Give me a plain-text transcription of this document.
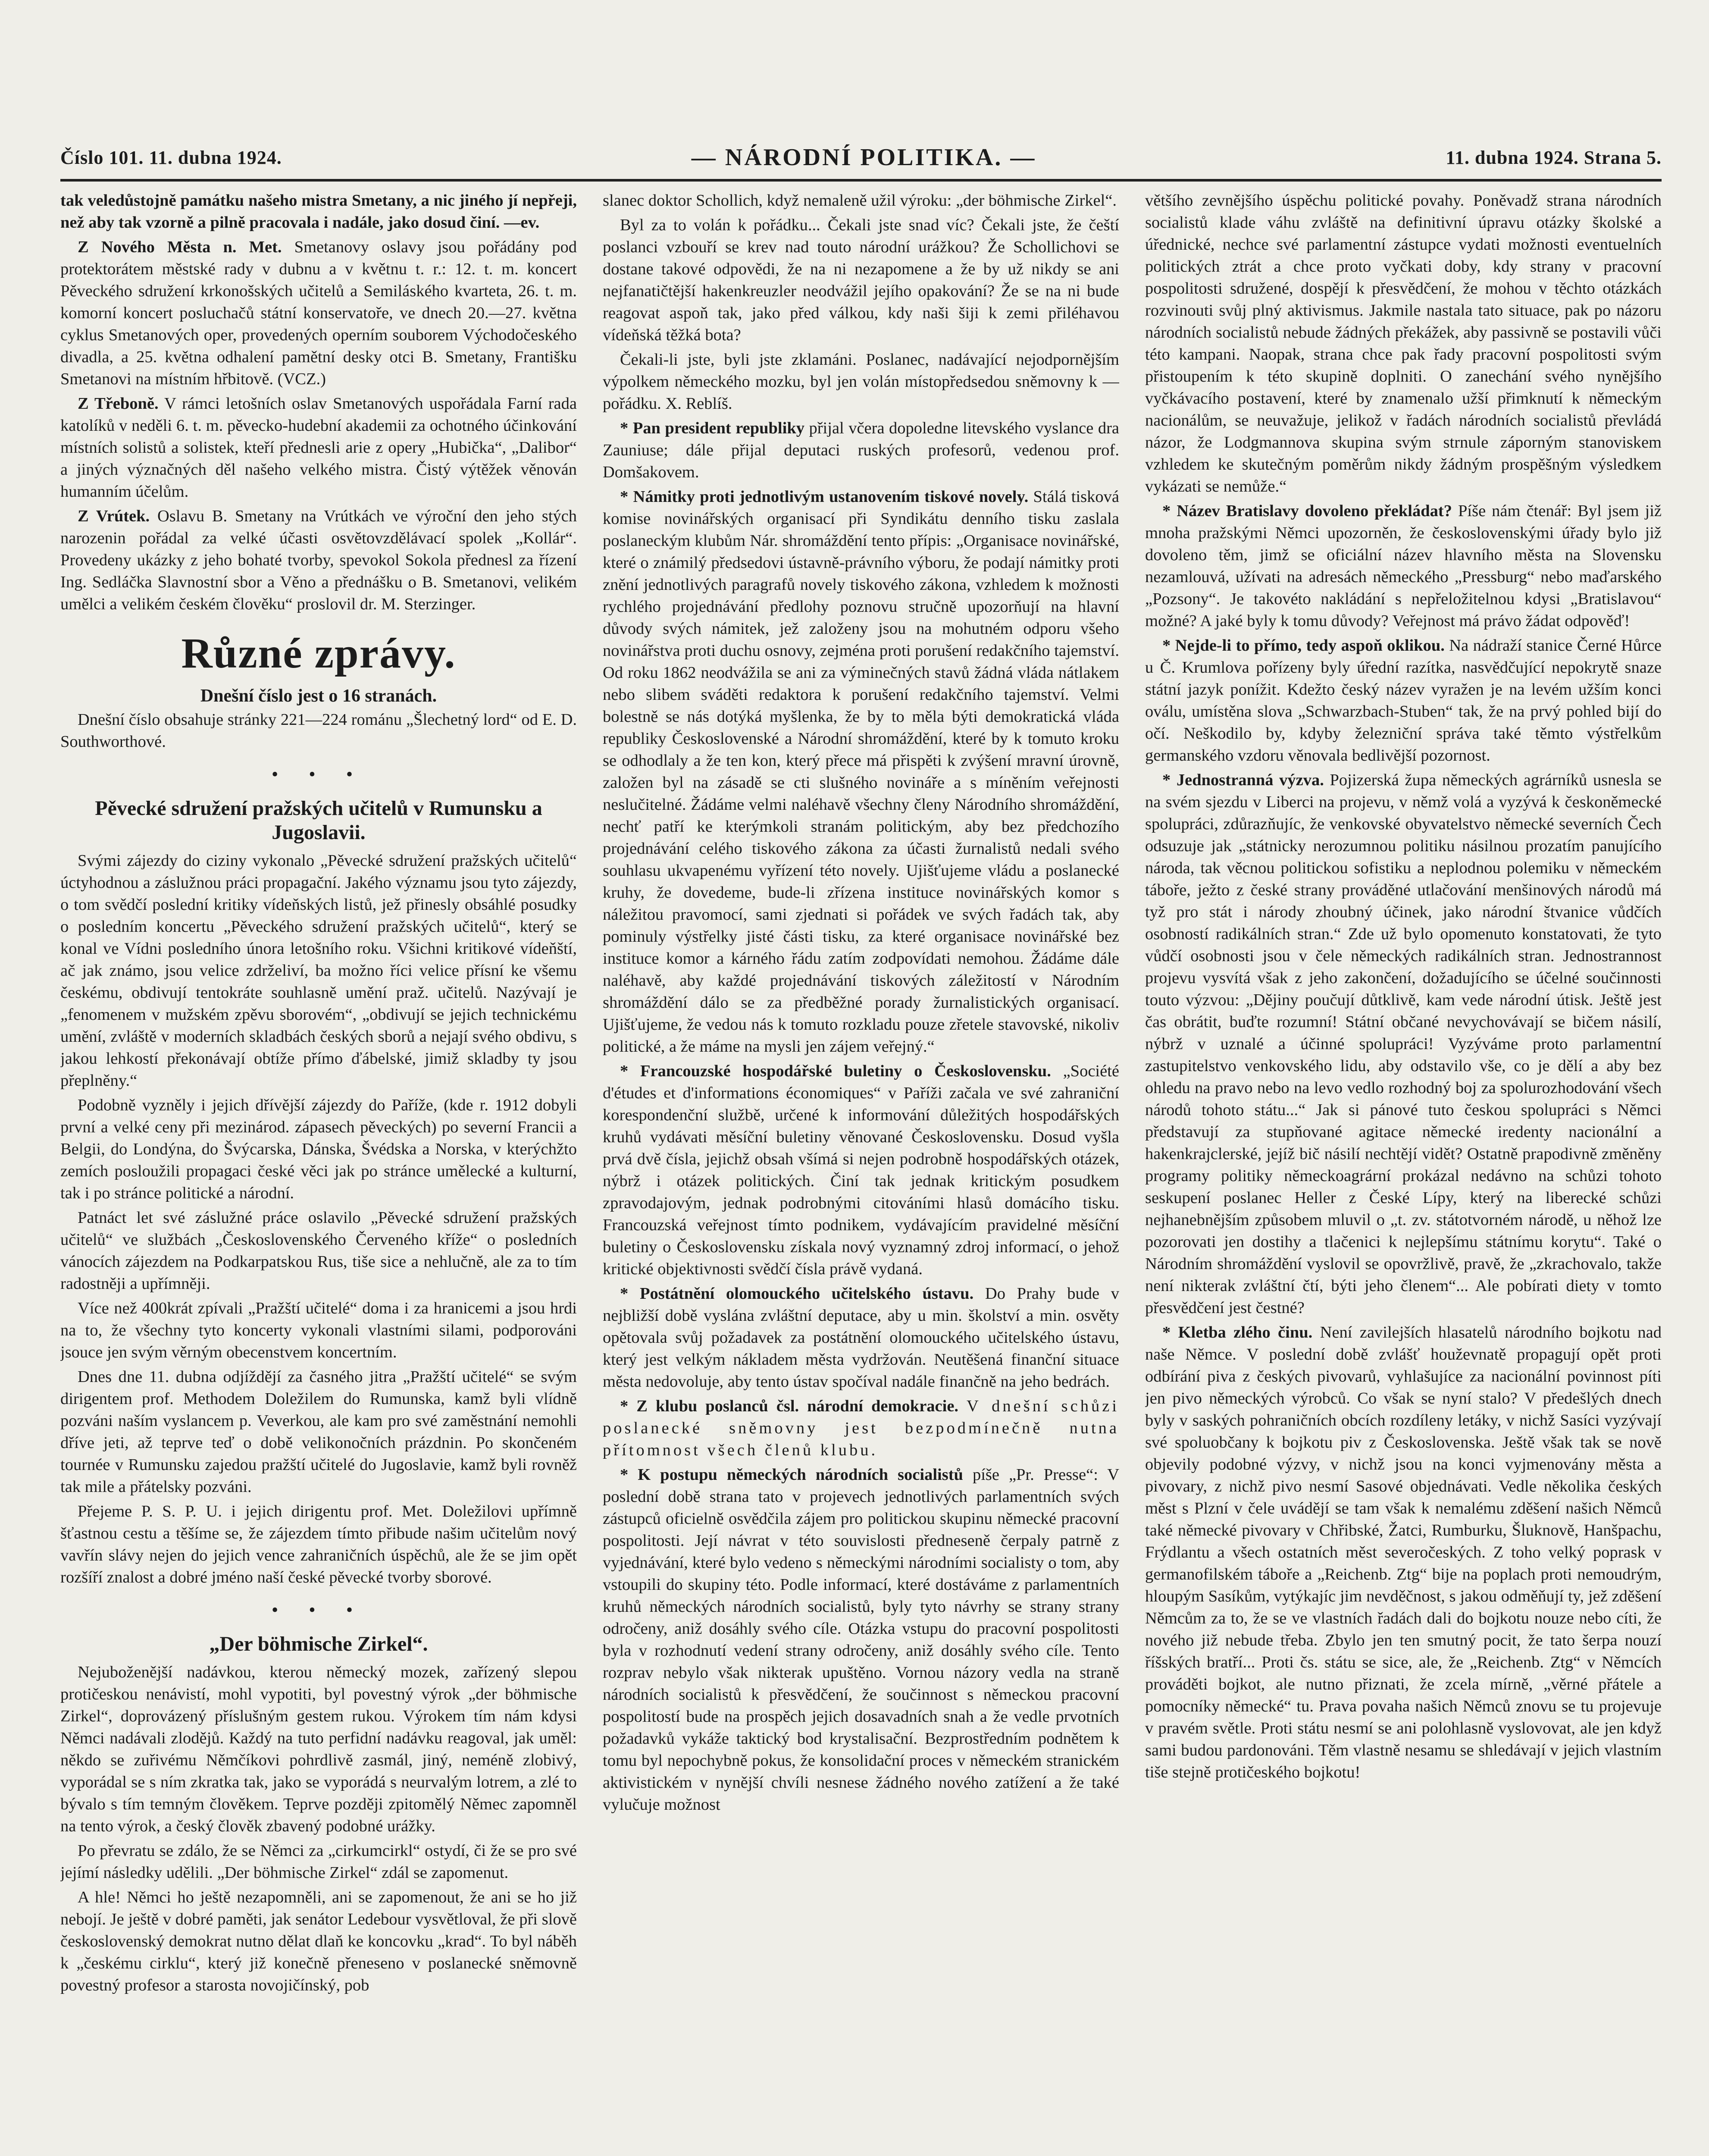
Číslo 101. 11. dubna 1924.	— NÁRODNÍ POLITIKA. —	11. dubna 1924. Strana 5.

tak veledůstojně památku našeho mistra Smetany, a nic jiného jí nepřeji, než aby tak vzorně a pilně pracovala i nadále, jako dosud činí. —ev.

Z Nového Města n. Met. Smetanovy oslavy jsou pořádány pod protektorátem městské rady v dubnu a v květnu t. r.: 12. t. m. koncert Pěveckého sdružení krkonošských učitelů a Semiláského kvarteta, 26. t. m. komorní koncert posluchačů státní konservatoře, ve dnech 20.—27. května cyklus Smetanových oper, provedených operním souborem Východočeského divadla, a 25. května odhalení pamětní desky otci B. Smetany, Františku Smetanovi na místním hřbitově. (VCZ.)

Z Třeboně. V rámci letošních oslav Smetanových uspořádala Farní rada katolíků v neděli 6. t. m. pěvecko-hudební akademii za ochotného účinkování místních solistů a solistek, kteří přednesli arie z opery „Hubička“, „Dalibor“ a jiných význačných děl našeho velkého mistra. Čistý výtěžek věnován humanním účelům.

Z Vrútek. Oslavu B. Smetany na Vrútkách ve výroční den jeho stých narozenin pořádal za velké účasti osvětovzdělávací spolek „Kollár“. Provedeny ukázky z jeho bohaté tvorby, spevokol Sokola přednesl za řízení Ing. Sedláčka Slavnostní sbor a Věno a přednášku o B. Smetanovi, velikém umělci a velikém českém člověku“ proslovil dr. M. Sterzinger.

Různé zprávy.
Dnešní číslo jest o 16 stranách.

Dnešní číslo obsahuje stránky 221—224 románu „Šlechetný lord“ od E. D. Southworthové.

• • •
Pěvecké sdružení pražských učitelů v Rumunsku a Jugoslavii.

Svými zájezdy do ciziny vykonalo „Pěvecké sdružení pražských učitelů“ úctyhodnou a záslužnou práci propagační. Jakého významu jsou tyto zájezdy, o tom svědčí poslední kritiky vídeňských listů, jež přinesly obsáhlé posudky o posledním koncertu „Pěveckého sdružení pražských učitelů“, který se konal ve Vídni posledního února letošního roku. Všichni kritikové vídeňští, ač jak známo, jsou velice zdrželiví, ba možno říci velice přísní ke všemu českému, obdivují tentokráte souhlasně umění praž. učitelů. Nazývají je „fenomenem v mužském zpěvu sborovém“, „obdivují se jejich technickému umění, zvláště v moderních skladbách českých sborů a nejají svého obdivu, s jakou lehkostí překonávají obtíže přímo ďábelské, jimiž skladby ty jsou přeplněny.“

Podobně vyzněly i jejich dřívější zájezdy do Paříže, (kde r. 1912 dobyli první a velké ceny při mezinárod. zápasech pěveckých) po severní Francii a Belgii, do Londýna, do Švýcarska, Dánska, Švédska a Norska, v kterýchžto zemích posloužili propagaci české věci jak po stránce umělecké a kulturní, tak i po stránce politické a národní.

Patnáct let své záslužné práce oslavilo „Pěvecké sdružení pražských učitelů“ ve službách „Československého Červeného kříže“ o posledních vánocích zájezdem na Podkarpatskou Rus, tiše sice a nehlučně, ale za to tím radostněji a upřímněji.

Více než 400krát zpívali „Pražští učitelé“ doma i za hranicemi a jsou hrdi na to, že všechny tyto koncerty vykonali vlastními silami, podporováni jsouce jen svým věrným obecenstvem koncertním.

Dnes dne 11. dubna odjíždějí za časného jitra „Pražští učitelé“ se svým dirigentem prof. Methodem Doležilem do Rumunska, kamž byli vlídně pozváni naším vyslancem p. Veverkou, ale kam pro své zaměstnání nemohli dříve jeti, až teprve teď o době velikonočních prázdnin. Po skončeném tournée v Rumunsku zajedou pražští učitelé do Jugoslavie, kamž byli rovněž tak mile a přátelsky pozváni.

Přejeme P. S. P. U. i jejich dirigentu prof. Met. Doležilovi upřímně šťastnou cestu a těšíme se, že zájezdem tímto přibude našim učitelům nový vavřín slávy nejen do jejich vence zahraničních úspěchů, ale že se jim opět rozšíří znalost a dobré jméno naší české pěvecké tvorby sborové.

• • •
„Der böhmische Zirkel“.

Nejuboženější nadávkou, kterou německý mozek, zařízený slepou protičeskou nenávistí, mohl vypotiti, byl povestný výrok „der böhmische Zirkel“, doprovázený příslušným gestem rukou. Výrokem tím nám kdysi Němci nadávali zlodějů. Každý na tuto perfidní nadávku reagoval, jak uměl: někdo se zuřivému Němčíkovi pohrdlivě zasmál, jiný, neméně zlobivý, vyporádal se s ním zkratka tak, jako se vyporádá s neurvalým lotrem, a zlé to bývalo s tím temným člověkem. Teprve později zpitomělý Němec zapomněl na tento výrok, a český člověk zbavený podobné urážky.

Po převratu se zdálo, že se Němci za „cirkumcirkl“ ostydí, či že se pro své jejímí následky udělili. „Der böhmische Zirkel“ zdál se zapomenut.

A hle! Němci ho ještě nezapomněli, ani se zapomenout, že ani se ho již nebojí. Je ještě v dobré paměti, jak senátor Ledebour vysvětloval, že při slově československý demokrat nutno dělat dlaň ke koncovku „krad“. To byl náběh k „českému cirklu“, který již konečně přeneseno v poslanecké sněmovně povestný profesor a starosta novojičínský, pob

slanec doktor Schollich, když nemaleně užil výroku: „der böhmische Zirkel“.

Byl za to volán k pořádku... Čekali jste snad víc? Čekali jste, že čeští poslanci vzbouří se krev nad touto národní urážkou? Že Schollichovi se dostane takové odpovědi, že na ni nezapomene a že by už nikdy se ani nejfanatičtější hakenkreuzler neodvážil jejího opakování? Že se na ni bude reagovat aspoň tak, jako před válkou, kdy naši šiji k zemi přiléhavou vídeňská těžká bota?

Čekali-li jste, byli jste zklamáni. Poslanec, nadávající nejodpornějším výpolkem německého mozku, byl jen volán místopředsedou sněmovny k — pořádku. X. Reblíš.

* Pan president republiky přijal včera dopoledne litevského vyslance dra Zauniuse; dále přijal deputaci ruských profesorů, vedenou prof. Domšakovem.

* Námitky proti jednotlivým ustanovením tiskové novely. Stálá tisková komise novinářských organisací při Syndikátu denního tisku zaslala poslaneckým klubům Nár. shromáždění tento přípis: „Organisace novinářské, které o známilý předsedovi ústavně-právního výboru, že podají námitky proti znění jednotlivých paragrafů novely tiskového zákona, vzhledem k možnosti rychlého projednávání předlohy poznovu stručně upozorňují na hlavní důvody svých námitek, jež založeny jsou na mohutném odporu všeho novinářstva proti duchu osnovy, zejména proti porušení redakčního tajemství. Od roku 1862 neodvážila se ani za výminečných stavů žádná vláda nátlakem nebo slibem sváděti redaktora k porušení redakčního tajemství. Velmi bolestně se nás dotýká myšlenka, že by to měla býti demokratická vláda republiky Československé a Národní shromáždění, které by k tomuto kroku se odhodlaly a že ten kon, který přece má přispěti k zvýšení mravní úrovně, založen byl na zásadě se cti slušného novináře a s míněním veřejnosti neslučitelné. Žádáme velmi naléhavě všechny členy Národního shromáždění, nechť patří ke kterýmkoli stranám politickým, aby bez předchozího projednávání celého tiskového zákona za účasti žurnalistů nedali svého souhlasu ukvapenému vyřízení této novely. Ujišťujeme vládu a poslanecké kruhy, že dovedeme, bude-li zřízena instituce novinářských komor s náležitou pravomocí, sami zjednati si pořádek ve svých řadách tak, aby pominuly výstřelky jisté části tisku, za které organisace novinářské bez instituce komor a kárného řádu zatím zodpovídati nemohou. Žádáme dále naléhavě, aby každé projednávání tiskových záležitostí v Národním shromáždění dálo se za předběžné porady žurnalistických organisací. Ujišťujeme, že vedou nás k tomuto rozkladu pouze zřetele stavovské, nikoliv politické, a že máme na mysli jen zájem veřejný.“

* Francouzské hospodářské buletiny o Československu. „Société d'études et d'informations économiques“ v Paříži začala ve své zahraniční korespondenční službě, určené k informování důležitých hospodářských kruhů vydávati měsíční buletiny věnované Československu. Dosud vyšla prvá dvě čísla, jejichž obsah všímá si nejen podrobně hospodářských otázek, nýbrž i otázek politických. Činí tak jednak kritickým posudkem zpravodajovým, jednak podrobnými citováními hlasů domácího tisku. Francouzská veřejnost tímto podnikem, vydávajícím pravidelné měsíční buletiny o Československu získala nový vyznamný zdroj informací, o jehož kritické objektivnosti svědčí čísla právě vydaná.

* Postátnění olomouckého učitelského ústavu. Do Prahy bude v nejbližší době vyslána zvláštní deputace, aby u min. školství a min. osvěty opětovala svůj požadavek za postátnění olomouckého učitelského ústavu, který jest velkým nákladem města vydržován. Neutěšená finanční situace města nedovoluje, aby tento ústav spočíval nadále finančně na jeho bedrách.

* Z klubu poslanců čsl. národní demokracie. V dnešní schůzi poslanecké sněmovny jest bezpodmínečně nutna přítomnost všech členů klubu.

* K postupu německých národních socialistů píše „Pr. Presse“: V poslední době strana tato v projevech jednotlivých parlamentních svých zástupců oficielně osvědčila zájem pro politickou skupinu německé pracovní pospolitosti. Její návrat v této souvislosti předneseně čerpaly patrně z vyjednávání, které bylo vedeno s německými národními socialisty o tom, aby vstoupili do skupiny této. Podle informací, které dostáváme z parlamentních kruhů německých národních socialistů, byly tyto návrhy se strany strany odročeny, aniž dosáhly svého cíle. Otázka vstupu do pracovní pospolitosti byla v rozhodnutí vedení strany odročeny, aniž dosáhly svého cíle. Tento rozprav nebylo však nikterak upuštěno. Vornou názory vedla na straně národních socialistů k přesvědčení, že součinnost s německou pracovní pospolitostí bude na prospěch jejich dosavadních snah a že vedle prvotních požadavků vykáže taktický bod krystalisační. Bezprostředním podnětem k tomu byl nepochybně pokus, že konsolidační proces v německém stranickém aktivistickém v nynější chvíli nesnese žádného nového zatížení a že také vylučuje možnost

většího zevnějšího úspěchu politické povahy. Poněvadž strana národních socialistů klade váhu zvláště na definitivní úpravu otázky školské a úřednické, nechce své parlamentní zástupce vydati možnosti eventuelních politických ztrát a chce proto vyčkati doby, kdy strany v pracovní pospolitosti sdružené, dospějí k přesvědčení, že mohou v těchto otázkách rozvinouti svůj plný aktivismus. Jakmile nastala tato situace, pak po názoru národních socialistů nebude žádných překážek, aby passivně se postavili vůči této kampani. Naopak, strana chce pak řady pracovní pospolitosti svým přistoupením k této skupině doplniti. O zanechání svého nynějšího vyčkávacího postavení, které by znamenalo užší přimknutí k německým nacionálům, se neuvažuje, jelikož v řadách národních socialistů převládá názor, že Lodgmannova skupina svým strnule záporným stanoviskem vzhledem ke skutečným poměrům nikdy žádným prospěšným výsledkem vykázati se nemůže.“

* Název Bratislavy dovoleno překládat? Píše nám čtenář: Byl jsem již mnoha pražskými Němci upozorněn, že československými úřady bylo již dovoleno těm, jimž se oficiální název hlavního města na Slovensku nezamlouvá, užívati na adresách německého „Pressburg“ nebo maďarského „Pozsony“. Je takovéto nakládání s nepřeložitelnou kdysi „Bratislavou“ možné? A jaké byly k tomu důvody? Veřejnost má právo žádat odpověď!

* Nejde-li to přímo, tedy aspoň oklikou. Na nádraží stanice Černé Hůrce u Č. Krumlova pořízeny byly úřední razítka, nasvědčující nepokrytě snaze státní jazyk ponížit. Kdežto český název vyražen je na levém užším konci oválu, umístěna slova „Schwarzbach-Stuben“ tak, že na prvý pohled bijí do očí. Neškodilo by, kdyby železniční správa také těmto výstřelkům germanského vzdoru věnovala bedlivější pozornost.

* Jednostranná výzva. Pojizerská župa německých agrárníků usnesla se na svém sjezdu v Liberci na projevu, v němž volá a vyzývá k českoněmecké spolupráci, zdůrazňujíc, že venkovské obyvatelstvo německé severních Čech odsuzuje jak „státnicky nerozumnou politiku násilnou prozatím panujícího národa, tak věcnou politickou sofistiku a neplodnou polemiku v německém táboře, ježto z české strany prováděné utlačování menšinových národů má tyž pro stát i národy zhoubný účinek, jako národní štvanice vůdčích osobností radikálních stran.“ Zde už bylo opomenuto konstatovati, že tyto vůdčí osobnosti jsou v čele německých radikálních stran. Jednostrannost projevu vysvítá však z jeho zakončení, dožadujícího se účelné součinnosti touto výzvou: „Dějiny poučují důtklivě, kam vede národní útisk. Ještě jest čas obrátit, buďte rozumní! Státní občané nevychovávají se bičem násilí, nýbrž v uznalé a účinné spolupráci! Vyzýváme proto parlamentní zastupitelstvo venkovského lidu, aby odstavilo vše, co je dělí a aby bez ohledu na pravo nebo na levo vedlo rozhodný boj za spolurozhodování všech národů tohoto státu...“ Jak si pánové tuto českou spolupráci s Němci představují za stupňované agitace německé iredenty nacionální a hakenkrajclerské, jejíž bič násilí nechtějí vidět? Ostatně prapodivně změněny programy politiky německoagrární prokázal nedávno na schůzi tohoto seskupení poslanec Heller z České Lípy, který na liberecké schůzi nejhanebnějším způsobem mluvil o „t. zv. státotvorném národě, u něhož lze pozorovati jen dostihy a tlačenici k nejlepšímu státnímu korytu“. Také o Národním shromáždění vyslovil se opovržlivě, pravě, že „zkrachovalo, takže není nikterak zvláštní čtí, býti jeho členem“... Ale pobírati diety v tomto přesvědčení jest čestné?

* Kletba zlého činu. Není zavilejších hlasatelů národního bojkotu nad naše Němce. V poslední době zvlášť houževnatě propagují opět proti odbírání piva z českých pivovarů, vyhlašujíce za nacionální povinnost píti jen pivo německých výrobců. Co však se nyní stalo? V předešlých dnech byly v saských pohraničních obcích rozdíleny letáky, v nichž Sasíci vyzývají své spoluobčany k bojkotu piv z Československa. Ještě však tak se nově objevily podobné výzvy, v nichž jsou na konci vyjmenovány města a pivovary, z nichž pivo nesmí Sasové objednávati. Vedle několika českých měst s Plzní v čele uvádějí se tam však k nemalému zděšení našich Němců také německé pivovary v Chřibské, Žatci, Rumburku, Šluknově, Hanšpachu, Frýdlantu a všech ostatních měst severočeských. Z toho velký poprask v germanofilském táboře a „Reichenb. Ztg“ bije na poplach proti nemoudrým, hloupým Sasíkům, vytýkajíc jim nevděčnost, s jakou odměňují ty, jež zděšení Němcům za to, že se ve vlastních řadách dali do bojkotu nouze nebo cíti, že nového již nebude třeba. Zbylo jen ten smutný pocit, že tato šerpa nouzí říšských bratří... Proti čs. státu se sice, ale, že „Reichenb. Ztg“ v Němcích prováděti bojkot, ale nutno přiznati, že zcela mírně, „věrné přátele a pomocníky německé“ tu. Prava povaha našich Němců znovu se tu projevuje v pravém světle. Proti státu nesmí se ani polohlasně vyslovovat, ale jen když sami budou pardonováni. Těm vlastně nesamu se shledávají v jejich vlastním tiše stejně protičeského bojkotu!
